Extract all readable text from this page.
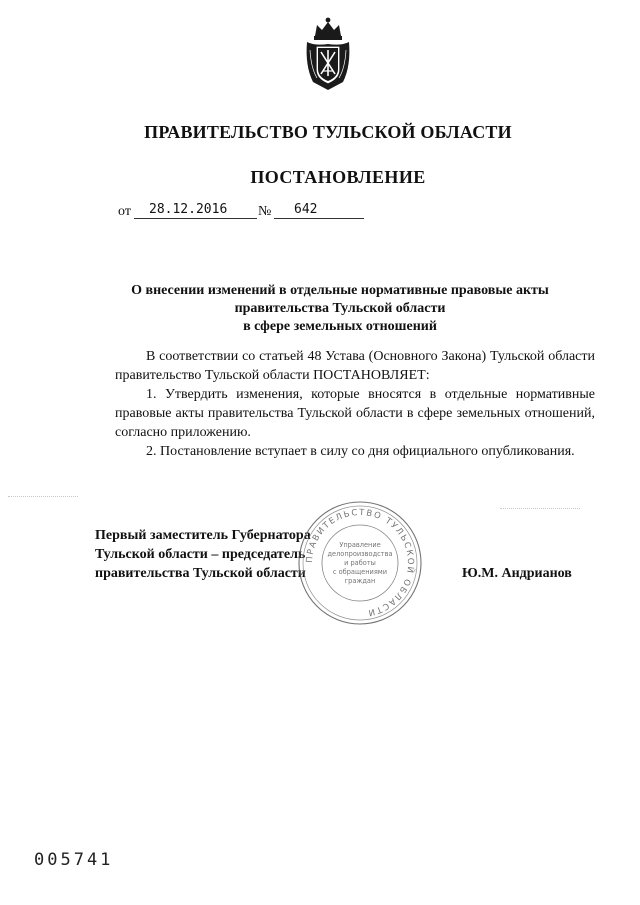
ПРАВИТЕЛЬСТВО ТУЛЬСКОЙ ОБЛАСТИ
ПОСТАНОВЛЕНИЕ
от 28.12.2016 № 642
О внесении изменений в отдельные нормативные правовые акты
правительства Тульской области
в сфере земельных отношений

В соответствии со статьей 48 Устава (Основного Закона) Тульской области правительство Тульской области ПОСТАНОВЛЯЕТ:

1. Утвердить изменения, которые вносятся в отдельные нормативные правовые акты правительства Тульской области в сфере земельных отношений, согласно приложению.

2. Постановление вступает в силу со дня официального опубликования.

Первый заместитель Губернатора
Тульской области – председатель
правительства Тульской области
ПРАВИТЕЛЬСТВО ТУЛЬСКОЙ ОБЛАСТИ
Управление
делопроизводства
и работы
с обращениями
граждан	Ю.М. Андрианов
005741
